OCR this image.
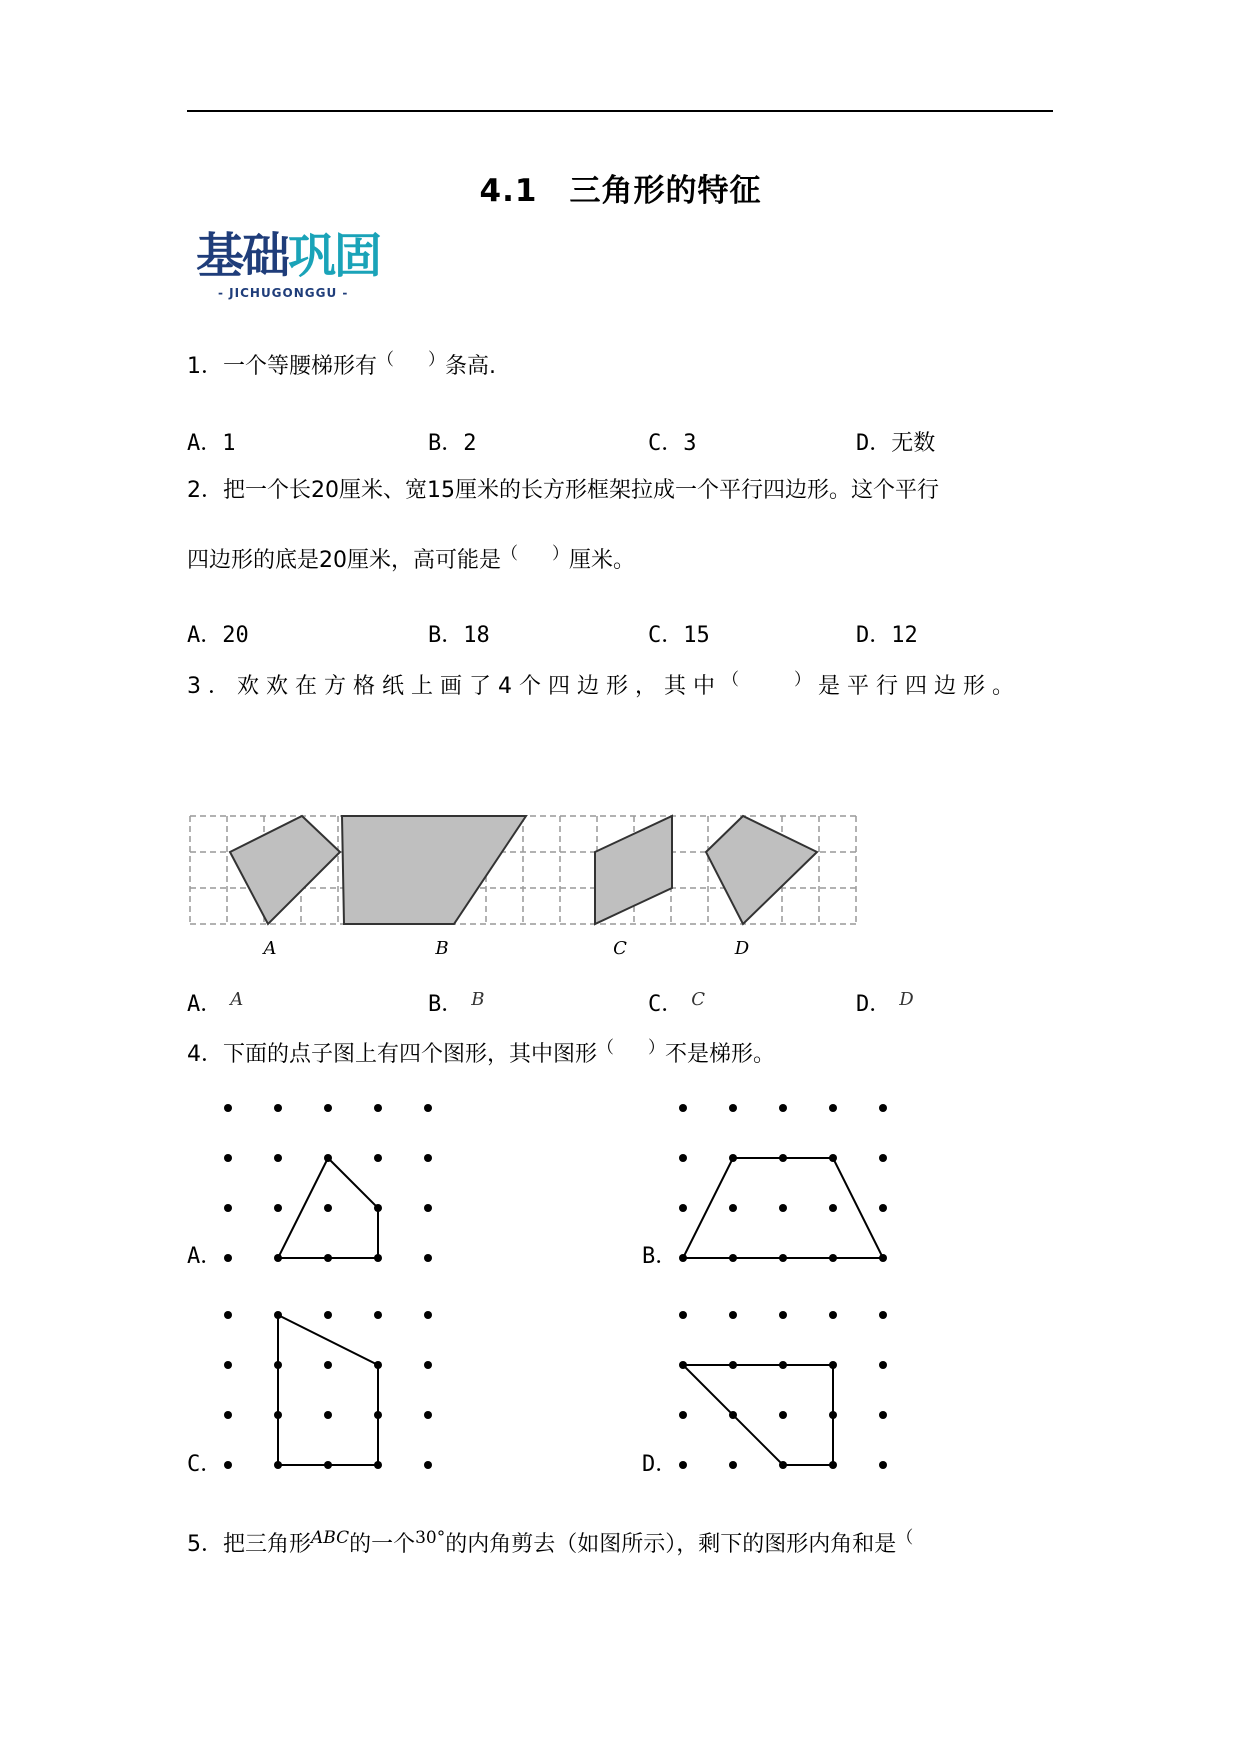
4.1　三角形的特征
基础巩固
- JICHUGONGGU -
1．一个等腰梯形有（　　）条高.
A．1	B．2	C．3	D．无数
2．把一个长20厘米、宽15厘米的长方形框架拉成一个平行四边形。这个平行
四边形的底是20厘米，高可能是（　　）厘米。
A．20	B．18	C．15	D．12
3．欢欢在方格纸上画了4个四边形，其中（　　）是平行四边形。
A	B	C	D
A． $^A$	B． $^B$	C． $^C$	D． $^D$
4．下面的点子图上有四个图形，其中图形（　　）不是梯形。
A．	B．
C．	D．
5．把三角形$^{ABC}$的一个$^{30^\circ}$的内角剪去（如图所示），剩下的图形内角和是（
